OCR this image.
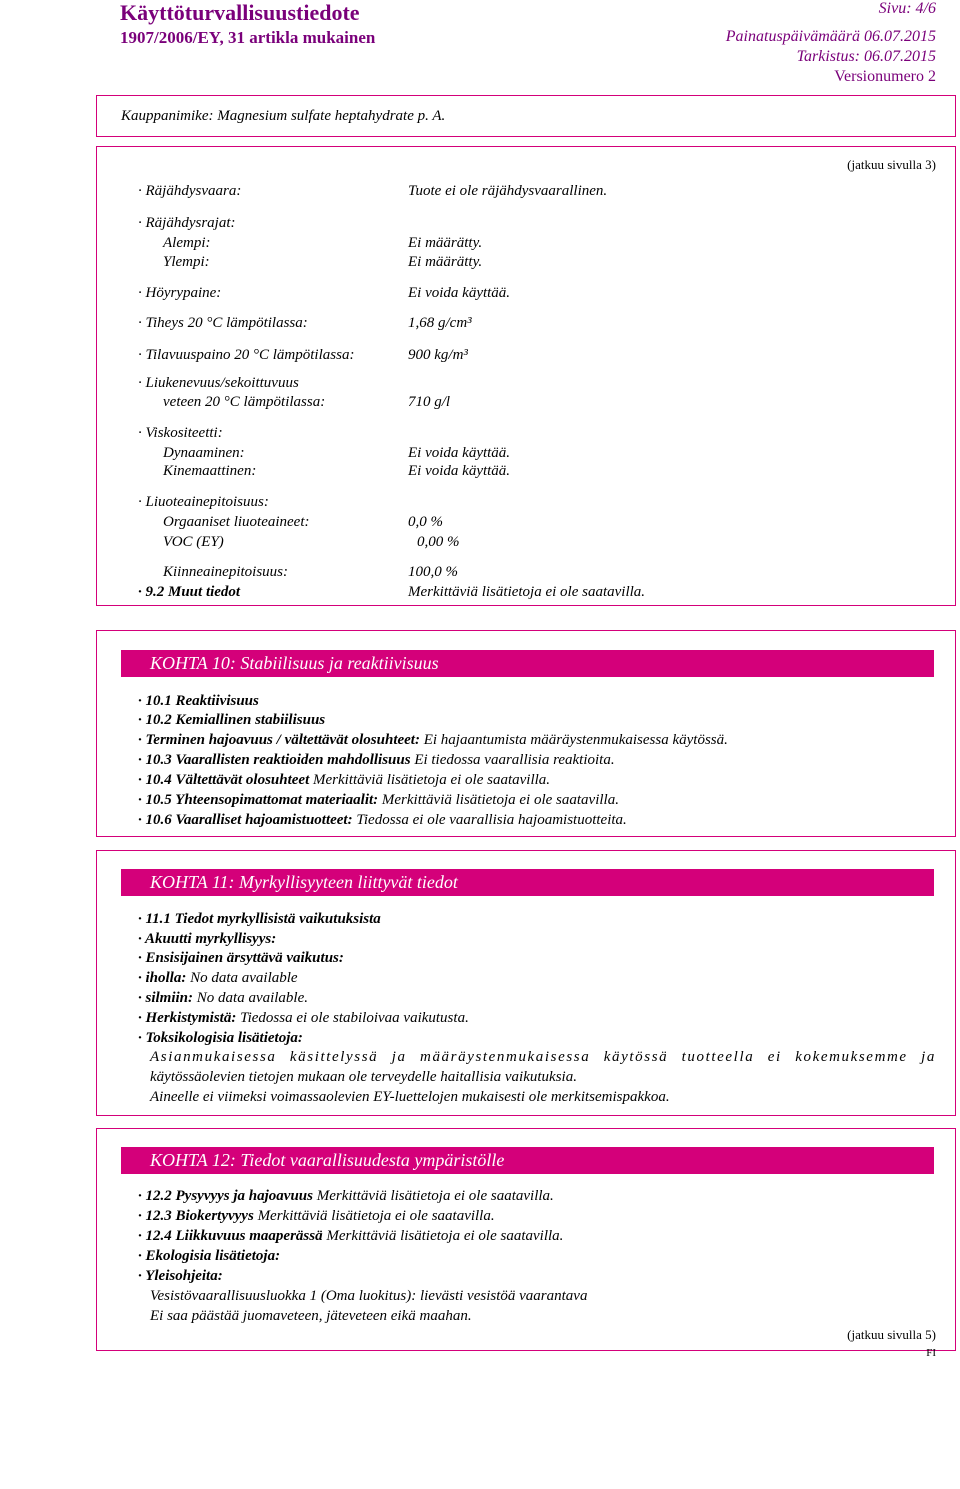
Käyttöturvallisuustiedote
1907/2006/EY, 31 artikla mukainen
Sivu: 4/6
Painatuspäivämäärä 06.07.2015
Tarkistus: 06.07.2015
Versionumero 2
Kauppanimike: Magnesium sulfate heptahydrate p. A.
(jatkuu sivulla 3)
· Räjähdysvaara:	Tuote ei ole räjähdysvaarallinen.
· Räjähdysrajat:
Alempi:	Ei määrätty.
Ylempi:	Ei määrätty.
· Höyrypaine:	Ei voida käyttää.
· Tiheys 20 °C lämpötilassa:	1,68 g/cm³
· Tilavuuspaino 20 °C lämpötilassa:	900 kg/m³
· Liukenevuus/sekoittuvuus
veteen 20 °C lämpötilassa:	710 g/l
· Viskositeetti:
Dynaaminen:	Ei voida käyttää.
Kinemaattinen:	Ei voida käyttää.
· Liuoteainepitoisuus:
Orgaaniset liuoteaineet:	0,0 %
VOC (EY)	0,00 %
Kiinneainepitoisuus:	100,0 %
· 9.2 Muut tiedot	Merkittäviä lisätietoja ei ole saatavilla.
KOHTA 10: Stabiilisuus ja reaktiivisuus
· 10.1 Reaktiivisuus
· 10.2 Kemiallinen stabiilisuus
· Terminen hajoavuus / vältettävät olosuhteet: Ei hajaantumista määräystenmukaisessa käytössä.
· 10.3 Vaarallisten reaktioiden mahdollisuus Ei tiedossa vaarallisia reaktioita.
· 10.4 Vältettävät olosuhteet Merkittäviä lisätietoja ei ole saatavilla.
· 10.5 Yhteensopimattomat materiaalit: Merkittäviä lisätietoja ei ole saatavilla.
· 10.6 Vaaralliset hajoamistuotteet: Tiedossa ei ole vaarallisia hajoamistuotteita.
KOHTA 11: Myrkyllisyyteen liittyvät tiedot
· 11.1 Tiedot myrkyllisistä vaikutuksista
· Akuutti myrkyllisyys:
· Ensisijainen ärsyttävä vaikutus:
· iholla: No data available
· silmiin: No data available.
· Herkistymistä: Tiedossa ei ole stabiloivaa vaikutusta.
· Toksikologisia lisätietoja:
Asianmukaisessa käsittelyssä ja määräystenmukaisessa käytössä tuotteella ei kokemuksemme ja
käytössäolevien tietojen mukaan ole terveydelle haitallisia vaikutuksia.
Aineelle ei viimeksi voimassaolevien EY-luettelojen mukaisesti ole merkitsemispakkoa.
KOHTA 12: Tiedot vaarallisuudesta ympäristölle
· 12.2 Pysyvyys ja hajoavuus Merkittäviä lisätietoja ei ole saatavilla.
· 12.3 Biokertyvyys Merkittäviä lisätietoja ei ole saatavilla.
· 12.4 Liikkuvuus maaperässä Merkittäviä lisätietoja ei ole saatavilla.
· Ekologisia lisätietoja:
· Yleisohjeita:
Vesistövaarallisuusluokka 1 (Oma luokitus): lievästi vesistöä vaarantava
Ei saa päästää juomaveteen, jäteveteen eikä maahan.
(jatkuu sivulla 5)
FI
